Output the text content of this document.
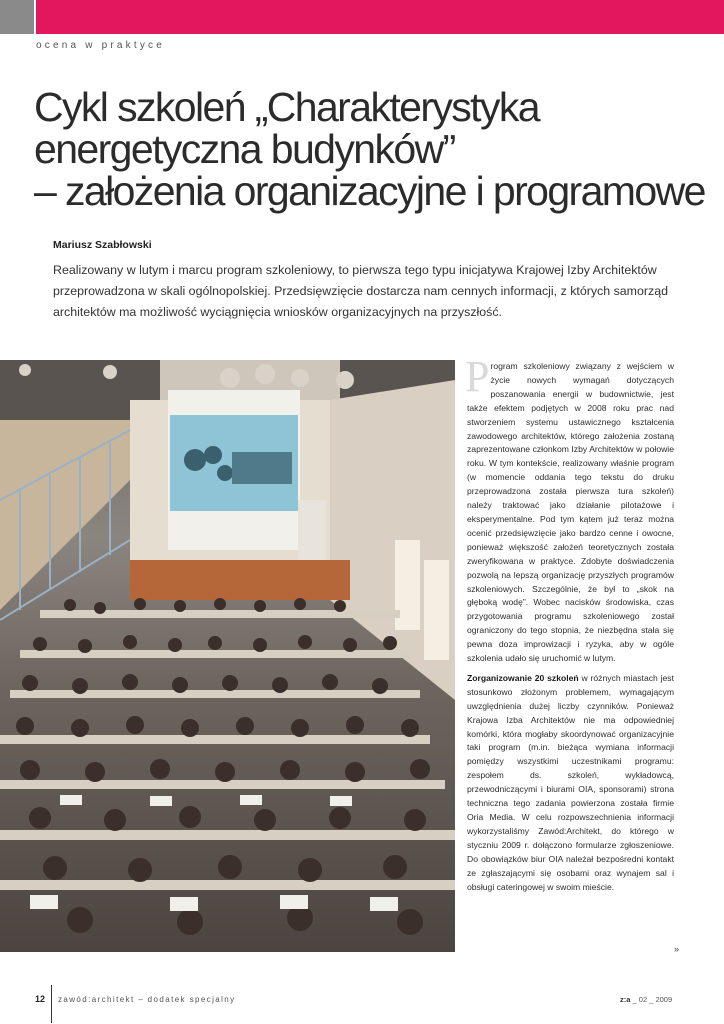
ocena w praktyce
Cykl szkoleń „Charakterystyka
energetyczna budynków”
– założenia organizacyjne i programowe
Mariusz Szabłowski
Realizowany w lutym i marcu program szkoleniowy, to pierwsza tego typu inicjatywa Krajowej Izby Architektów przeprowadzona w skali ogólnopolskiej. Przedsięwzięcie dostarcza nam cennych informacji, z których samorząd architektów ma możliwość wyciągnięcia wniosków organizacyjnych na przyszłość.

Program szkoleniowy związany z wejściem w życie nowych wymagań dotyczących poszanowania energii w budownictwie, jest także efektem podjętych w 2008 roku prac nad stworzeniem systemu ustawicznego kształcenia zawodowego architektów, którego założenia zostaną zaprezentowane członkom Izby Architektów w połowie roku. W tym kontekście, realizowany właśnie program (w momencie oddania tego tekstu do druku przeprowadzona została pierwsza tura szkoleń) należy traktować jako działanie pilotażowe i eksperymentalne. Pod tym kątem już teraz można ocenić przedsięwzięcie jako bardzo cenne i owocne, ponieważ większość założeń teoretycznych została zweryfikowana w praktyce. Zdobyte doświadczenia pozwolą na lepszą organizację przyszłych programów szkoleniowych. Szczególnie, że był to „skok na głęboką wodę”. Wobec nacisków środowiska, czas przygotowania programu szkoleniowego został ograniczony do tego stopnia, że niezbędna stała się pewna doza improwizacji i ryzyka, aby w ogóle szkolenia udało się uruchomić w lutym.

Zorganizowanie 20 szkoleń w różnych miastach jest stosunkowo złożonym problemem, wymagającym uwzględnienia dużej liczby czynników. Ponieważ Krajowa Izba Architektów nie ma odpowiedniej komórki, która mogłaby skoordynować organizacyjnie taki program (m.in. bieżąca wymiana informacji pomiędzy wszystkimi uczestnikami programu: zespołem ds. szkoleń, wykładowcą, przewodniczącymi i biurami OIA, sponsorami) strona techniczna tego zadania powierzona została firmie Oria Media. W celu rozpowszechnienia informacji wykorzystaliśmy Zawód:Architekt, do którego w styczniu 2009 r. dołączono formularze zgłoszeniowe. Do obowiązków biur OIA należał bezpośredni kontakt ze zgłaszającymi się osobami oraz wynajem sal i obsługi cateringowej w swoim mieście.

»
12 zawód:architekt – dodatek specjalny	z:a _ 02 _ 2009
